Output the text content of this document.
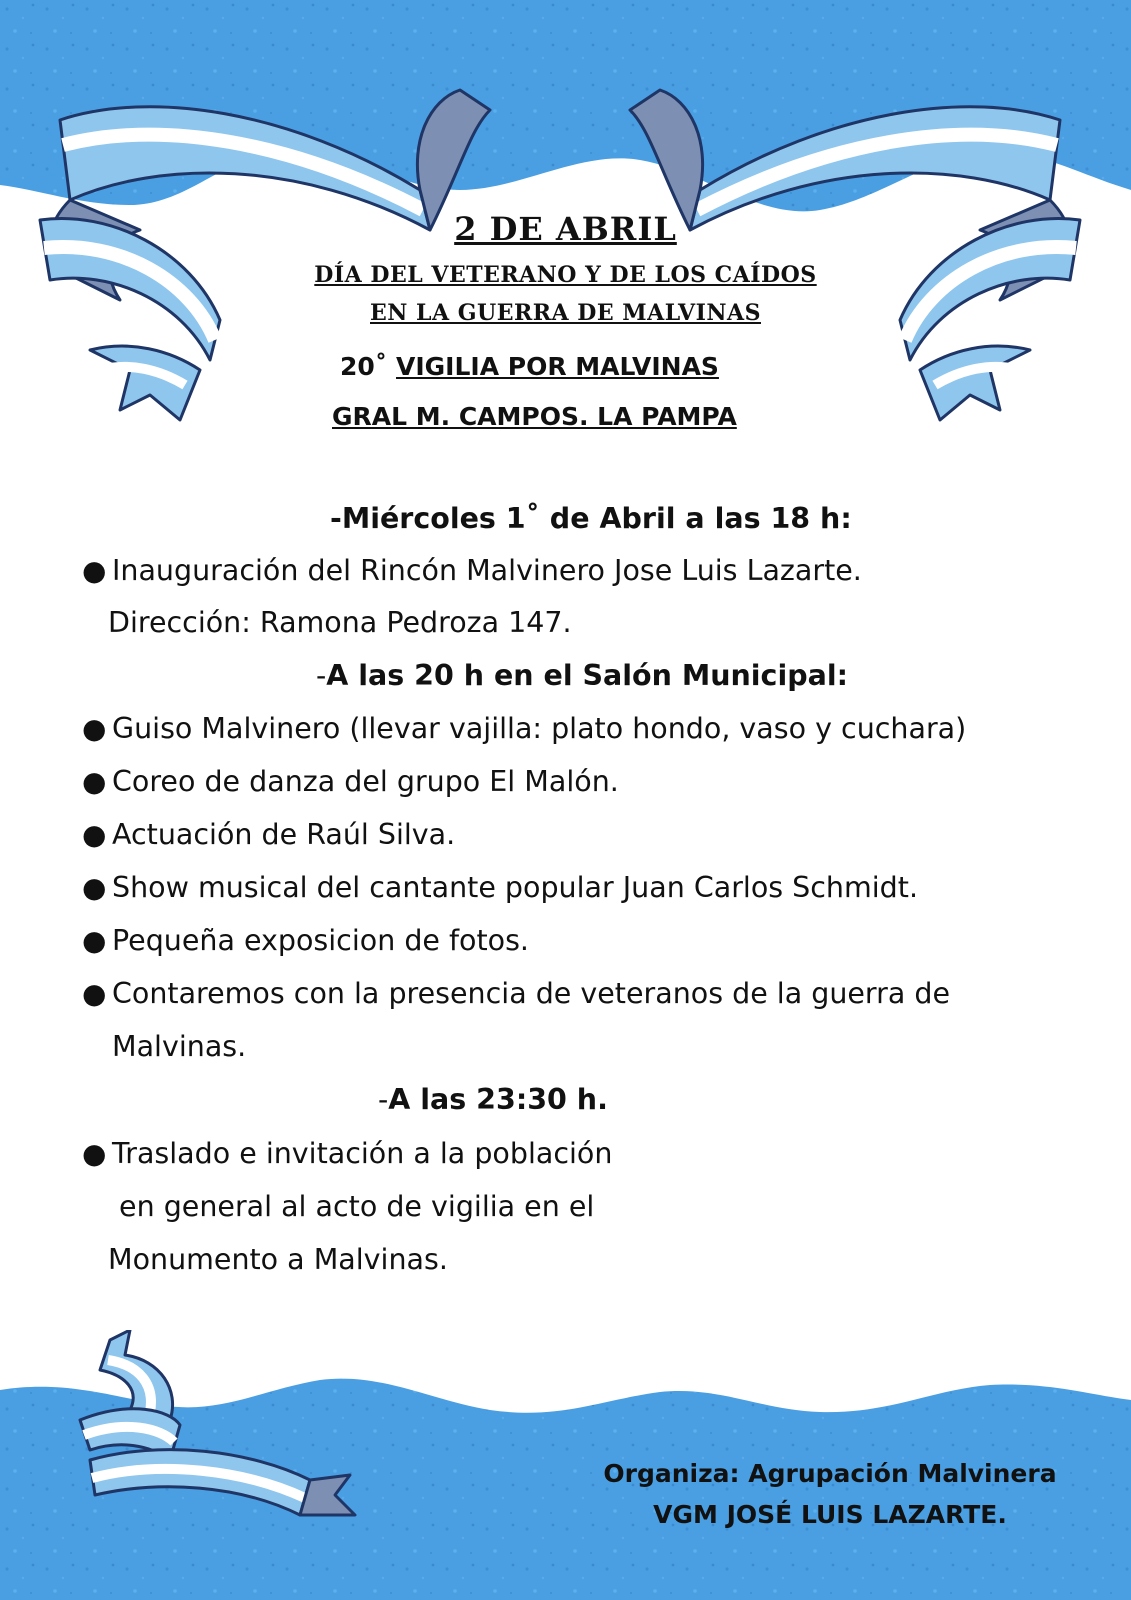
2 DE ABRIL

DÍA DEL VETERANO Y DE LOS CAÍDOS

EN LA GUERRA DE MALVINAS

20˚ VIGILIA POR MALVINAS

GRAL M. CAMPOS. LA PAMPA

-Miércoles 1˚ de Abril a las 18 h:

● Inauguración del Rincón Malvinero Jose Luis Lazarte.

Dirección: Ramona Pedroza 147.

-A las 20 h en el Salón Municipal:

● Guiso Malvinero (llevar vajilla: plato hondo, vaso y cuchara)

● Coreo de danza del grupo El Malón.

● Actuación de Raúl Silva.

● Show musical del cantante popular Juan Carlos Schmidt.

● Pequeña exposicion de fotos.

● Contaremos con la presencia de veteranos de la guerra de

Malvinas.

-A las 23:30 h.

● Traslado e invitación a la población

en general al acto de vigilia en el

Monumento a Malvinas.

Organiza: Agrupación Malvinera

VGM JOSÉ LUIS LAZARTE.
